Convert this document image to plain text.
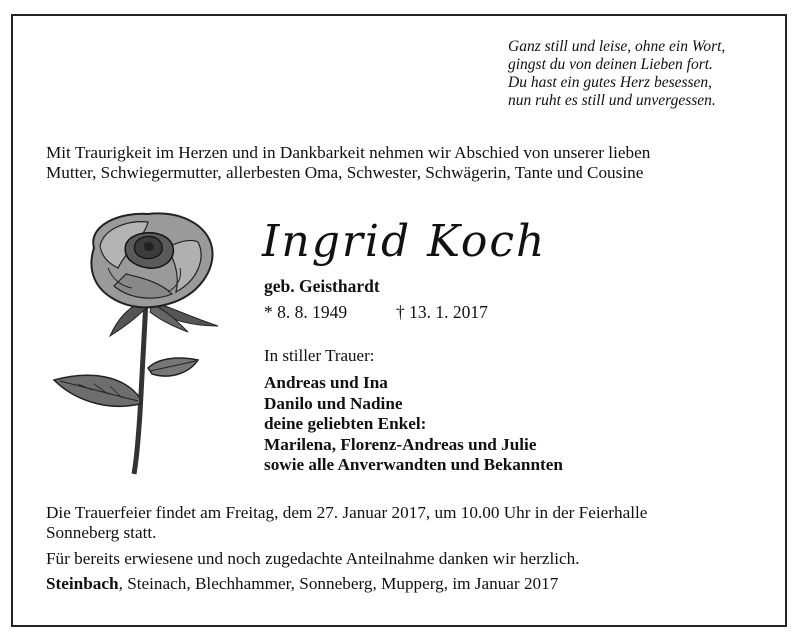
Ganz still und leise, ohne ein Wort,
gingst du von deinen Lieben fort.
Du hast ein gutes Herz besessen,
nun ruht es still und unvergessen.
Mit Traurigkeit im Herzen und in Dankbarkeit nehmen wir Abschied von unserer lieben
Mutter, Schwiegermutter, allerbesten Oma, Schwester, Schwägerin, Tante und Cousine
Ingrid Koch
geb. Geisthardt
* 8. 8. 1949	† 13. 1. 2017
In stiller Trauer:
Andreas und Ina
Danilo und Nadine
deine geliebten Enkel:
Marilena, Florenz-Andreas und Julie
sowie alle Anverwandten und Bekannten
Die Trauerfeier findet am Freitag, dem 27. Januar 2017, um 10.00 Uhr in der Feierhalle
Sonneberg statt.
Für bereits erwiesene und noch zugedachte Anteilnahme danken wir herzlich.
Steinbach, Steinach, Blechhammer, Sonneberg, Mupperg, im Januar 2017
